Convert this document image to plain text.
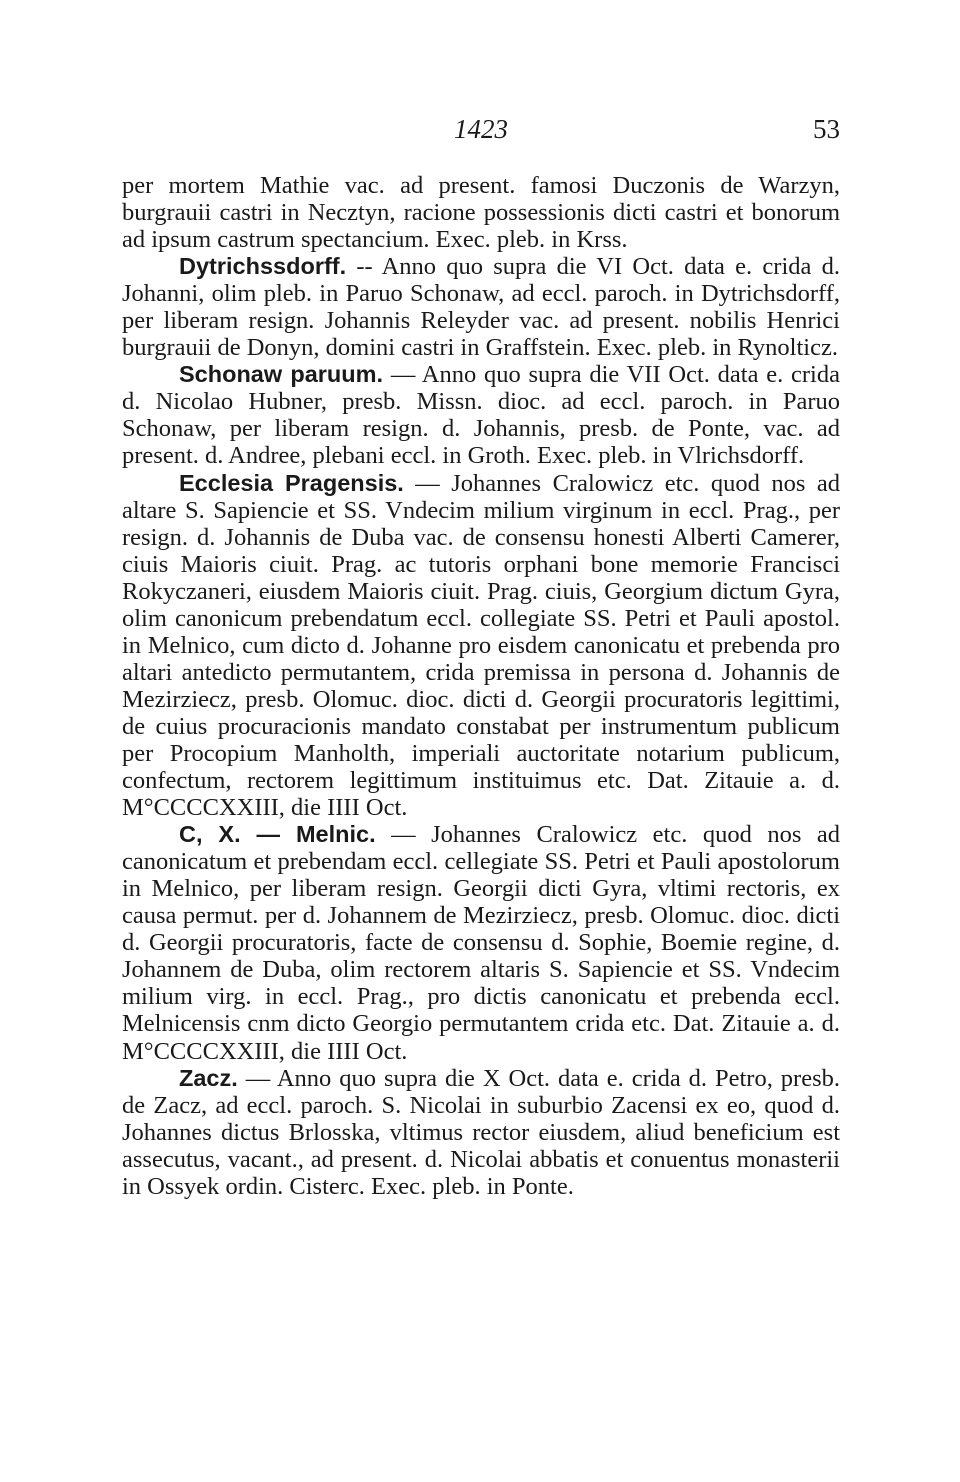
1423	53

per mortem Mathie vac. ad present. famosi Duczonis de Warzyn, burgrauii castri in Necztyn, racione possessionis dicti castri et bonorum ad ipsum castrum spectancium. Exec. pleb. in Krss.

Dytrichssdorff. -- Anno quo supra die VI Oct. data e. crida d. Johanni, olim pleb. in Paruo Schonaw, ad eccl. paroch. in Dytrichsdorff, per liberam resign. Johannis Releyder vac. ad present. nobilis Henrici burgrauii de Donyn, domini castri in Graffstein. Exec. pleb. in Rynolticz.

Schonaw paruum. — Anno quo supra die VII Oct. data e. crida d. Nicolao Hubner, presb. Missn. dioc. ad eccl. paroch. in Paruo Schonaw, per liberam resign. d. Johannis, presb. de Ponte, vac. ad present. d. Andree, plebani eccl. in Groth. Exec. pleb. in Vlrichsdorff.

Ecclesia Pragensis. — Johannes Cralowicz etc. quod nos ad altare S. Sapiencie et SS. Vndecim milium virginum in eccl. Prag., per resign. d. Johannis de Duba vac. de consensu honesti Alberti Camerer, ciuis Maioris ciuit. Prag. ac tutoris orphani bone memorie Francisci Rokyczaneri, eiusdem Maioris ciuit. Prag. ciuis, Georgium dictum Gyra, olim canonicum prebendatum eccl. collegiate SS. Petri et Pauli apostol. in Melnico, cum dicto d. Johanne pro eisdem canonicatu et prebenda pro altari antedicto permutantem, crida premissa in persona d. Johannis de Mezirziecz, presb. Olomuc. dioc. dicti d. Georgii procuratoris legittimi, de cuius procuracionis mandato constabat per instrumentum publicum per Procopium Manholth, imperiali auctoritate notarium publicum, confectum, rectorem legittimum instituimus etc. Dat. Zitauie a. d. M°CCCCXXIII, die IIII Oct.

C, X. — Melnic. — Johannes Cralowicz etc. quod nos ad canonicatum et prebendam eccl. cellegiate SS. Petri et Pauli apostolorum in Melnico, per liberam resign. Georgii dicti Gyra, vltimi rectoris, ex causa permut. per d. Johannem de Mezirziecz, presb. Olomuc. dioc. dicti d. Georgii procuratoris, facte de consensu d. Sophie, Boemie regine, d. Johannem de Duba, olim rectorem altaris S. Sapiencie et SS. Vndecim milium virg. in eccl. Prag., pro dictis canonicatu et prebenda eccl. Melnicensis cnm dicto Georgio permutantem crida etc. Dat. Zitauie a. d. M°CCCCXXIII, die IIII Oct.

Zacz. — Anno quo supra die X Oct. data e. crida d. Petro, presb. de Zacz, ad eccl. paroch. S. Nicolai in suburbio Zacensi ex eo, quod d. Johannes dictus Brlosska, vltimus rector eiusdem, aliud beneficium est assecutus, vacant., ad present. d. Nicolai abbatis et conuentus monasterii in Ossyek ordin. Cisterc. Exec. pleb. in Ponte.
